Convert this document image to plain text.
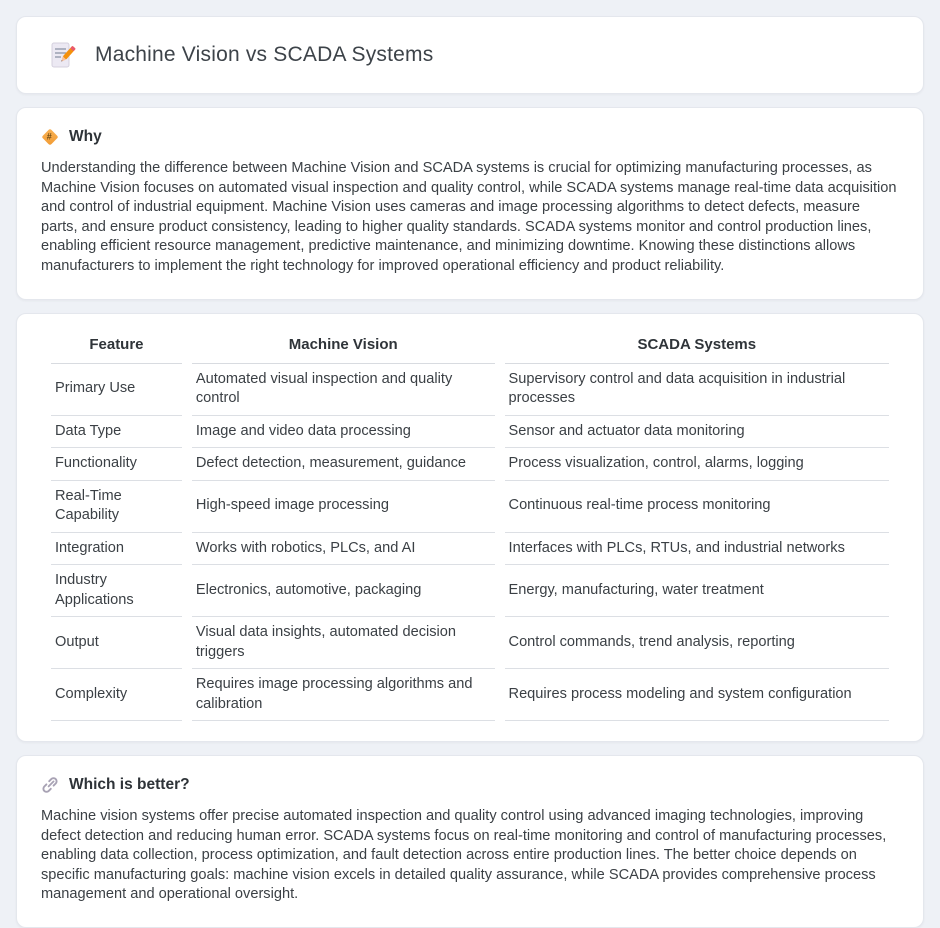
Machine Vision vs SCADA Systems
# Why
Understanding the difference between Machine Vision and SCADA systems is crucial for optimizing manufacturing processes, as Machine Vision focuses on automated visual inspection and quality control, while SCADA systems manage real-time data acquisition and control of industrial equipment. Machine Vision uses cameras and image processing algorithms to detect defects, measure parts, and ensure product consistency, leading to higher quality standards. SCADA systems monitor and control production lines, enabling efficient resource management, predictive maintenance, and minimizing downtime. Knowing these distinctions allows manufacturers to implement the right technology for improved operational efficiency and product reliability.
Feature	Machine Vision	SCADA Systems
Primary Use	Automated visual inspection and quality control	Supervisory control and data acquisition in industrial processes
Data Type	Image and video data processing	Sensor and actuator data monitoring
Functionality	Defect detection, measurement, guidance	Process visualization, control, alarms, logging
Real-Time Capability	High-speed image processing	Continuous real-time process monitoring
Integration	Works with robotics, PLCs, and AI	Interfaces with PLCs, RTUs, and industrial networks
Industry Applications	Electronics, automotive, packaging	Energy, manufacturing, water treatment
Output	Visual data insights, automated decision triggers	Control commands, trend analysis, reporting
Complexity	Requires image processing algorithms and calibration	Requires process modeling and system configuration
Which is better?
Machine vision systems offer precise automated inspection and quality control using advanced imaging technologies, improving defect detection and reducing human error. SCADA systems focus on real-time monitoring and control of manufacturing processes, enabling data collection, process optimization, and fault detection across entire production lines. The better choice depends on specific manufacturing goals: machine vision excels in detailed quality assurance, while SCADA provides comprehensive process management and operational oversight.
